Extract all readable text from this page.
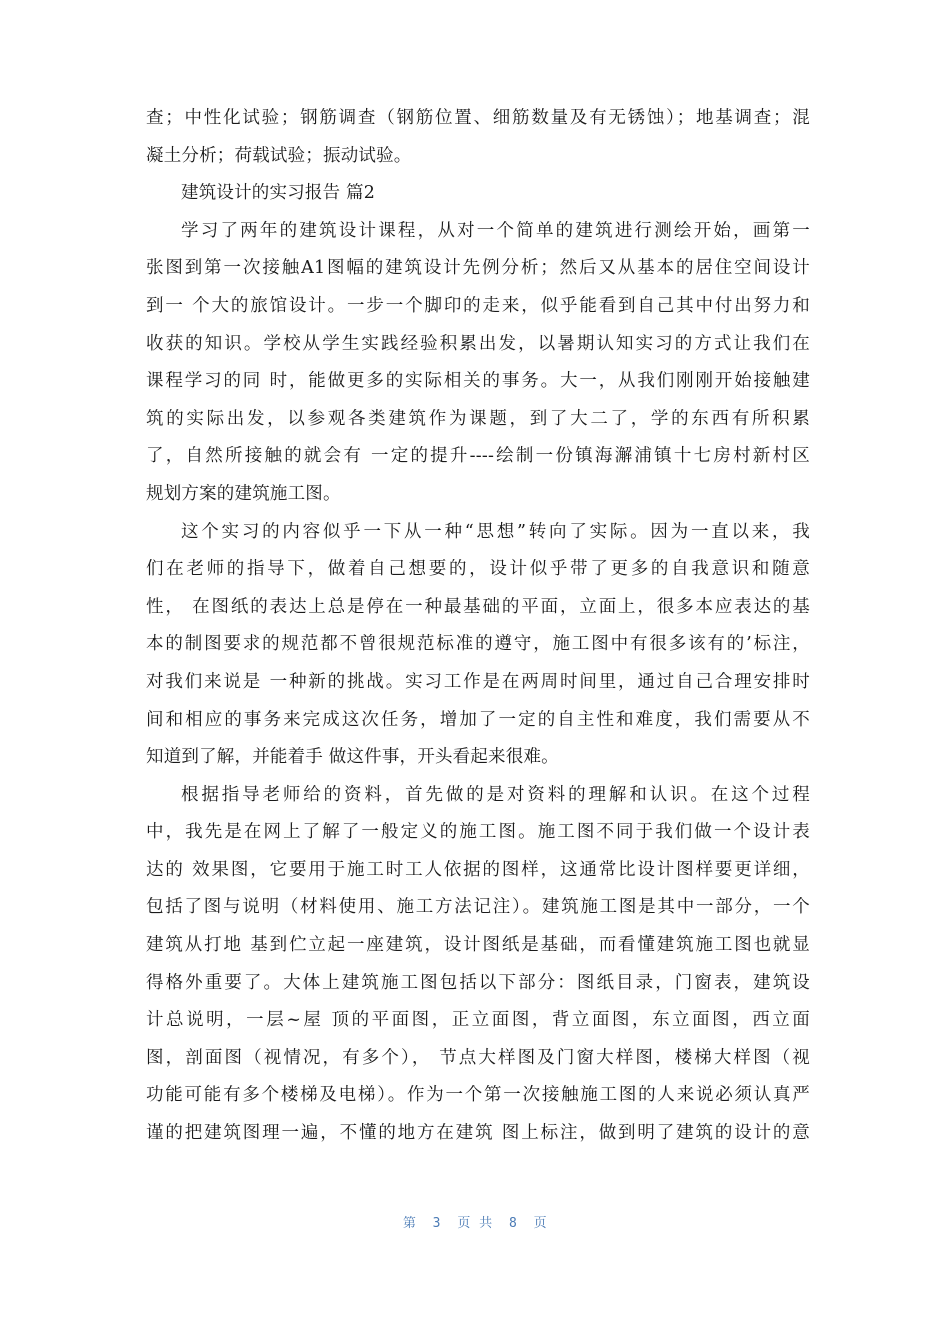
查；中性化试验；钢筋调查（钢筋位置、细筋数量及有无锈蚀）；地基调查；混
凝土分析；荷载试验；振动试验。
建筑设计的实习报告 篇2
学习了两年的建筑设计课程，从对一个简单的建筑进行测绘开始，画第一
张图到第一次接触A1图幅的建筑设计先例分析；然后又从基本的居住空间设计
到一 个大的旅馆设计。一步一个脚印的走来，似乎能看到自己其中付出努力和
收获的知识。学校从学生实践经验积累出发，以暑期认知实习的方式让我们在
课程学习的同 时，能做更多的实际相关的事务。大一，从我们刚刚开始接触建
筑的实际出发，以参观各类建筑作为课题，到了大二了，学的东西有所积累
了，自然所接触的就会有 一定的提升----绘制一份镇海澥浦镇十七房村新村区
规划方案的建筑施工图。
这个实习的内容似乎一下从一种“思想”转向了实际。因为一直以来，我
们在老师的指导下，做着自己想要的，设计似乎带了更多的自我意识和随意
性， 在图纸的表达上总是停在一种最基础的平面，立面上，很多本应表达的基
本的制图要求的规范都不曾很规范标准的遵守，施工图中有很多该有的’标注，
对我们来说是 一种新的挑战。实习工作是在两周时间里，通过自己合理安排时
间和相应的事务来完成这次任务，增加了一定的自主性和难度，我们需要从不
知道到了解，并能着手 做这件事，开头看起来很难。
根据指导老师给的资料，首先做的是对资料的理解和认识。在这个过程
中，我先是在网上了解了一般定义的施工图。施工图不同于我们做一个设计表
达的 效果图，它要用于施工时工人依据的图样，这通常比设计图样要更详细，
包括了图与说明（材料使用、施工方法记注）。建筑施工图是其中一部分，一个
建筑从打地 基到伫立起一座建筑，设计图纸是基础，而看懂建筑施工图也就显
得格外重要了。大体上建筑施工图包括以下部分：图纸目录，门窗表，建筑设
计总说明，一层~屋 顶的平面图，正立面图，背立面图，东立面图，西立面
图，剖面图（视情况，有多个）， 节点大样图及门窗大样图，楼梯大样图（视
功能可能有多个楼梯及电梯）。作为一个第一次接触施工图的人来说必须认真严
谨的把建筑图理一遍，不懂的地方在建筑 图上标注，做到明了建筑的设计的意
第 3 页 共 8 页
